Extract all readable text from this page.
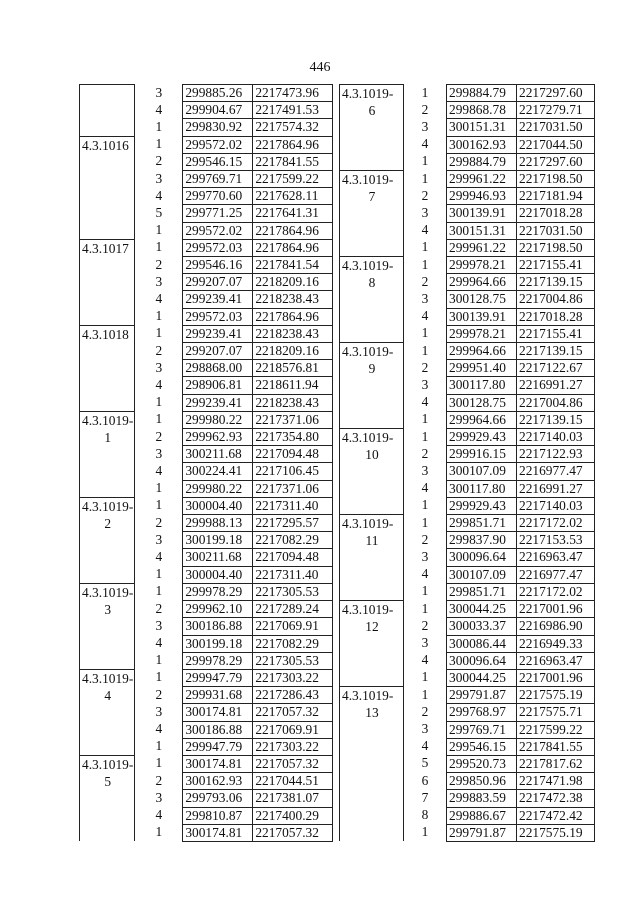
446
	3	299885.26	2217473.96
	4	299904.67	2217491.53
	1	299830.92	2217574.32

4.3.1016	1	299572.02	2217864.96
	2	299546.15	2217841.55
	3	299769.71	2217599.22
	4	299770.60	2217628.11
	5	299771.25	2217641.31
	1	299572.02	2217864.96

4.3.1017	1	299572.03	2217864.96
	2	299546.16	2217841.54
	3	299207.07	2218209.16
	4	299239.41	2218238.43
	1	299572.03	2217864.96

4.3.1018	1	299239.41	2218238.43
	2	299207.07	2218209.16
	3	298868.00	2218576.81
	4	298906.81	2218611.94
	1	299239.41	2218238.43

4.3.1019-
1	1	299980.22	2217371.06
	2	299962.93	2217354.80
	3	300211.68	2217094.48
	4	300224.41	2217106.45
	1	299980.22	2217371.06

4.3.1019-
2	1	300004.40	2217311.40
	2	299988.13	2217295.57
	3	300199.18	2217082.29
	4	300211.68	2217094.48
	1	300004.40	2217311.40

4.3.1019-
3	1	299978.29	2217305.53
	2	299962.10	2217289.24
	3	300186.88	2217069.91
	4	300199.18	2217082.29
	1	299978.29	2217305.53

4.3.1019-
4	1	299947.79	2217303.22
	2	299931.68	2217286.43
	3	300174.81	2217057.32
	4	300186.88	2217069.91
	1	299947.79	2217303.22

4.3.1019-
5	1	300174.81	2217057.32
	2	300162.93	2217044.51
	3	299793.06	2217381.07
	4	299810.87	2217400.29
	1	300174.81	2217057.32
4.3.1019-
6	1	299884.79	2217297.60
	2	299868.78	2217279.71
	3	300151.31	2217031.50
	4	300162.93	2217044.50
	1	299884.79	2217297.60

4.3.1019-
7	1	299961.22	2217198.50
	2	299946.93	2217181.94
	3	300139.91	2217018.28
	4	300151.31	2217031.50
	1	299961.22	2217198.50

4.3.1019-
8	1	299978.21	2217155.41
	2	299964.66	2217139.15
	3	300128.75	2217004.86
	4	300139.91	2217018.28
	1	299978.21	2217155.41

4.3.1019-
9	1	299964.66	2217139.15
	2	299951.40	2217122.67
	3	300117.80	2216991.27
	4	300128.75	2217004.86
	1	299964.66	2217139.15

4.3.1019-
10	1	299929.43	2217140.03
	2	299916.15	2217122.93
	3	300107.09	2216977.47
	4	300117.80	2216991.27
	1	299929.43	2217140.03

4.3.1019-
11	1	299851.71	2217172.02
	2	299837.90	2217153.53
	3	300096.64	2216963.47
	4	300107.09	2216977.47
	1	299851.71	2217172.02

4.3.1019-
12	1	300044.25	2217001.96
	2	300033.37	2216986.90
	3	300086.44	2216949.33
	4	300096.64	2216963.47
	1	300044.25	2217001.96

4.3.1019-
13	1	299791.87	2217575.19
	2	299768.97	2217575.71
	3	299769.71	2217599.22
	4	299546.15	2217841.55
	5	299520.73	2217817.62
	6	299850.96	2217471.98
	7	299883.59	2217472.38
	8	299886.67	2217472.42
	1	299791.87	2217575.19
